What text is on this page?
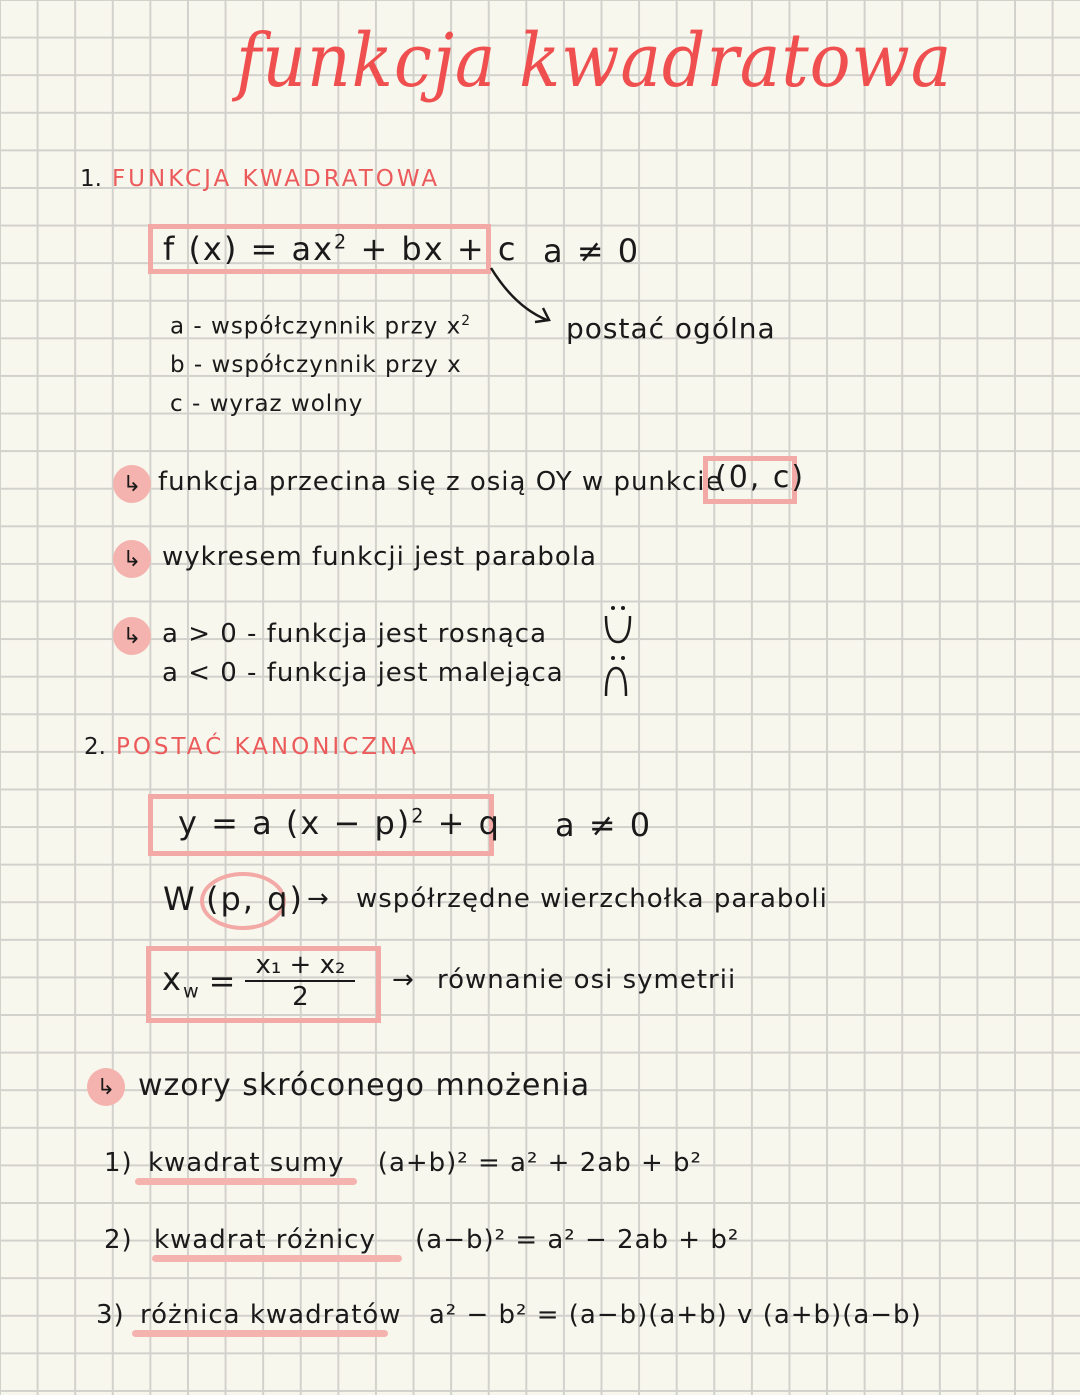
funkcja kwadratowa
1. FUNKCJA KWADRATOWA
f $(x) = ax^2$ + bx + c a ≠ 0
postać ogólna
a - współczynnik przy $x^2$
b - współczynnik przy x
c - wyraz wolny
↳ funkcja przecina się z osią OY w punkcie
(0, c)
↳ wykresem funkcji jest parabola
↳ a > 0 - funkcja jest rosnąca
a < 0 - funkcja jest malejąca
2. POSTAĆ KANONICZNA
y = a $(x - p)^2 + q$ a ≠ 0
W (p, q) → współrzędne wierzchołka paraboli
$x_w = \frac{\text{x₁ + x₂}}{2}$ → równanie osi symetrii
↳ wzory skróconego mnożenia
1) kwadrat sumy (a+b)² = a² + 2ab + b²
2) kwadrat różnicy (a−b)² = a² − 2ab + b²
3) różnica kwadratów a² − b² = (a−b)(a+b) v (a+b)(a−b)
